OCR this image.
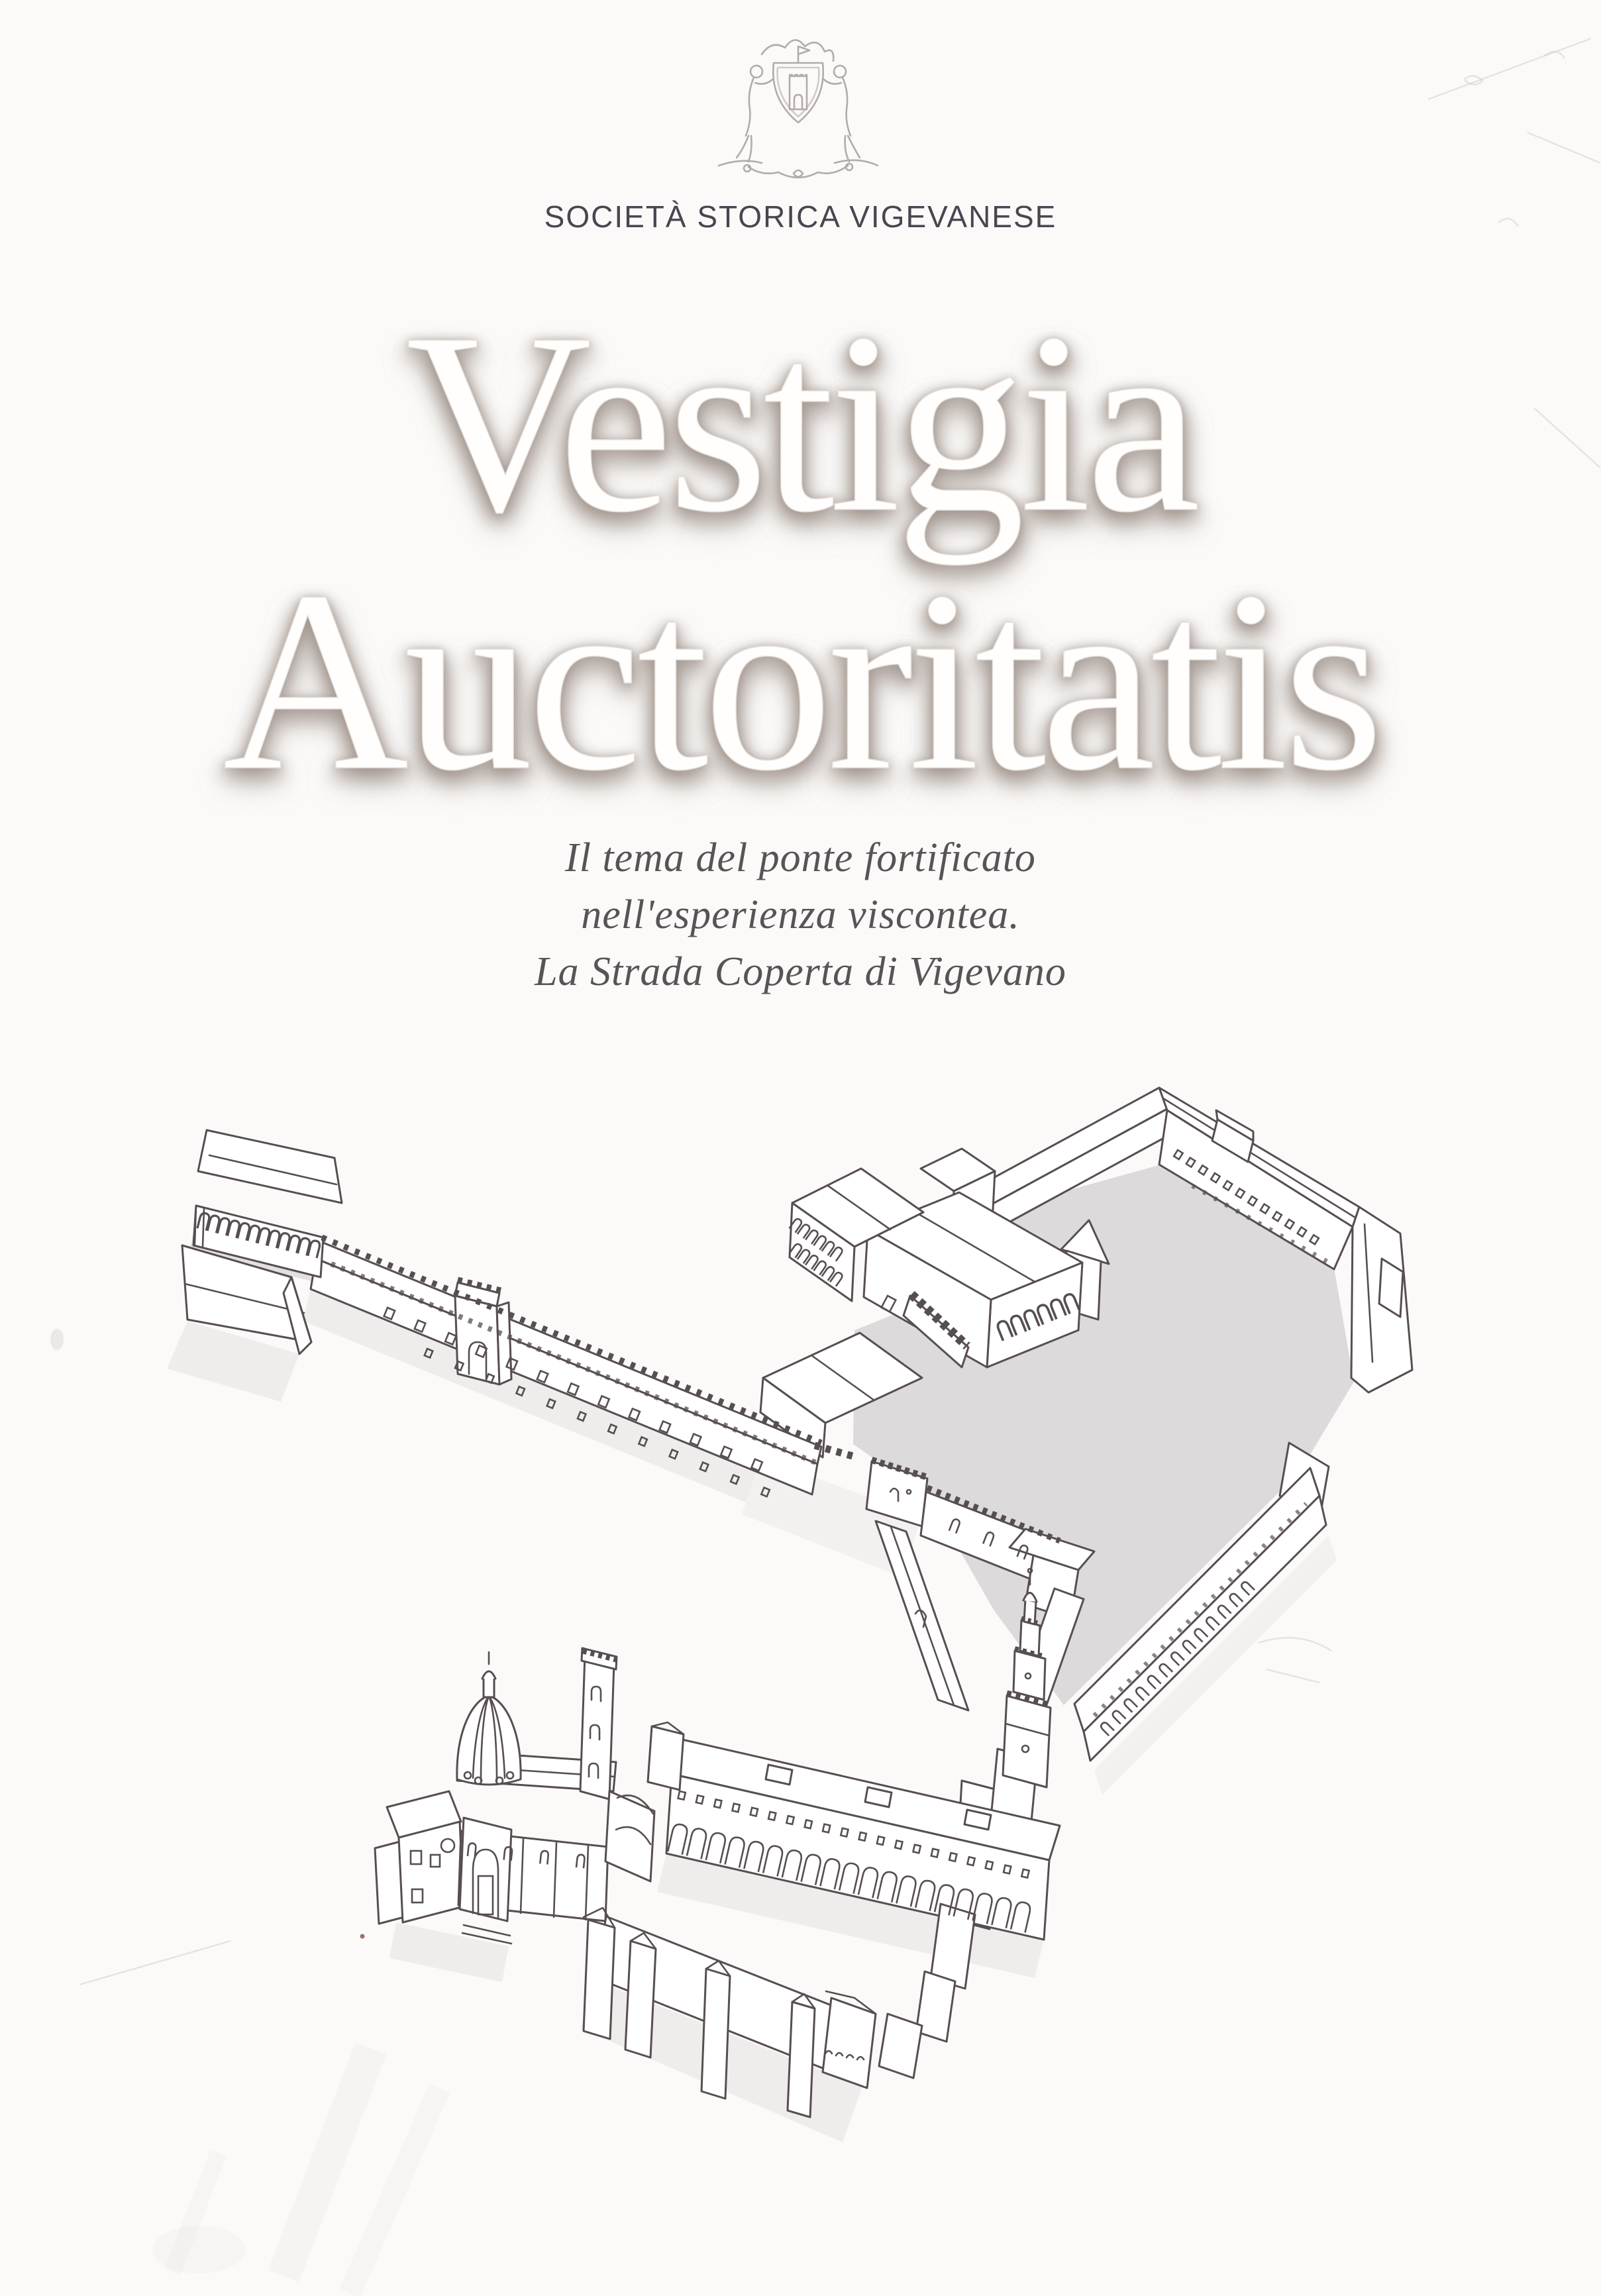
SOCIETÀ STORICA VIGEVANESE
Vestigia
Auctoritatis
Il tema del ponte fortificato
nell'esperienza viscontea.
La Strada Coperta di Vigevano
